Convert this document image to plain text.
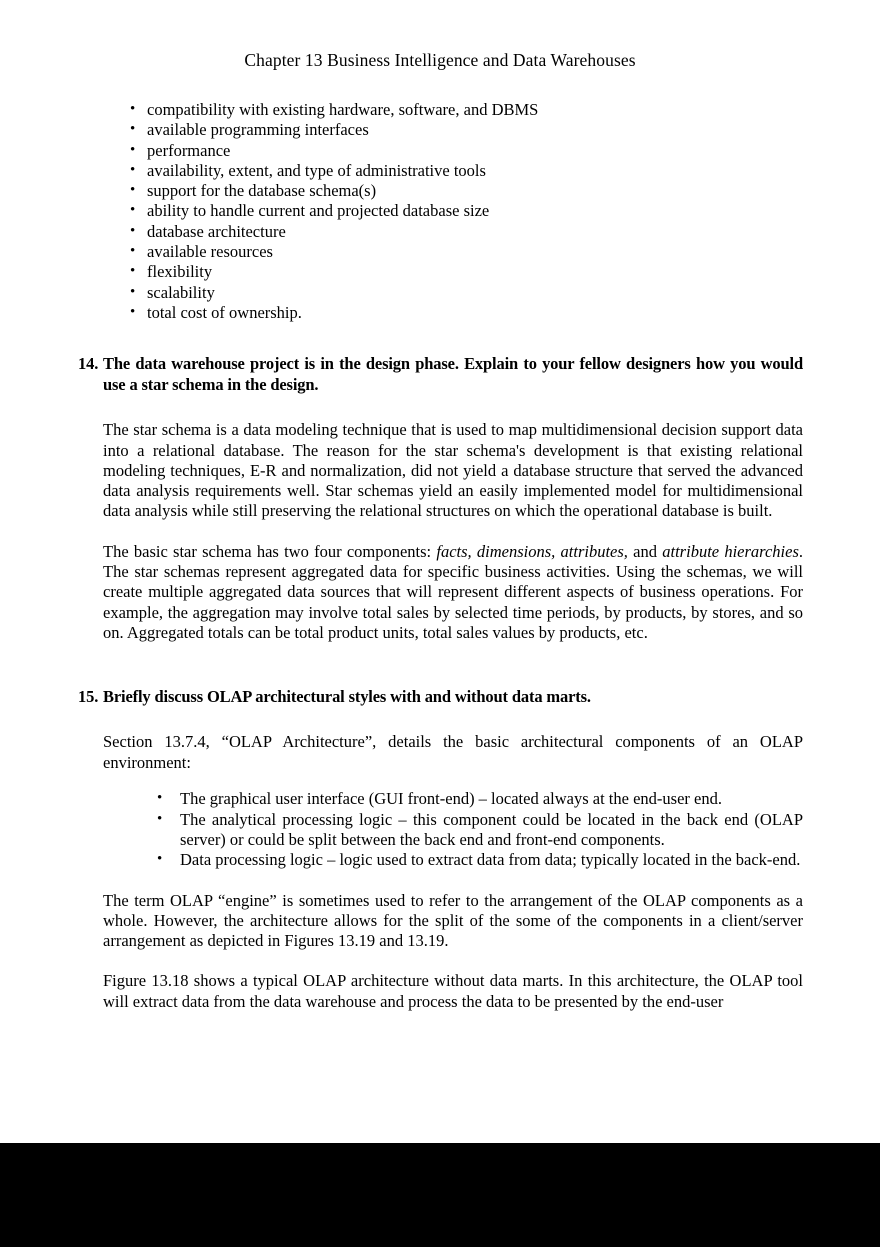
Chapter 13 Business Intelligence and Data Warehouses
• compatibility with existing hardware, software, and DBMS
• available programming interfaces
• performance
• availability, extent, and type of administrative tools
• support for the database schema(s)
• ability to handle current and projected database size
• database architecture
• available resources
• flexibility
• scalability
• total cost of ownership.
14. The data warehouse project is in the design phase. Explain to your fellow designers how you would use a star schema in the design.

The star schema is a data modeling technique that is used to map multidimensional decision support data into a relational database. The reason for the star schema's development is that existing relational modeling techniques, E-R and normalization, did not yield a database structure that served the advanced data analysis requirements well. Star schemas yield an easily implemented model for multidimensional data analysis while still preserving the relational structures on which the operational database is built.

The basic star schema has two four components: facts, dimensions, attributes, and attribute hierarchies. The star schemas represent aggregated data for specific business activities. Using the schemas, we will create multiple aggregated data sources that will represent different aspects of business operations. For example, the aggregation may involve total sales by selected time periods, by products, by stores, and so on. Aggregated totals can be total product units, total sales values by products, etc.

15. Briefly discuss OLAP architectural styles with and without data marts.

Section 13.7.4, “OLAP Architecture”, details the basic architectural components of an OLAP environment:

• The graphical user interface (GUI front-end) – located always at the end-user end.
• The analytical processing logic – this component could be located in the back end (OLAP server) or could be split between the back end and front-end components.
• Data processing logic – logic used to extract data from data; typically located in the back-end.

The term OLAP “engine” is sometimes used to refer to the arrangement of the OLAP components as a whole. However, the architecture allows for the split of the some of the components in a client/server arrangement as depicted in Figures 13.19 and 13.19.

Figure 13.18 shows a typical OLAP architecture without data marts. In this architecture, the OLAP tool will extract data from the data warehouse and process the data to be presented by the end-user
